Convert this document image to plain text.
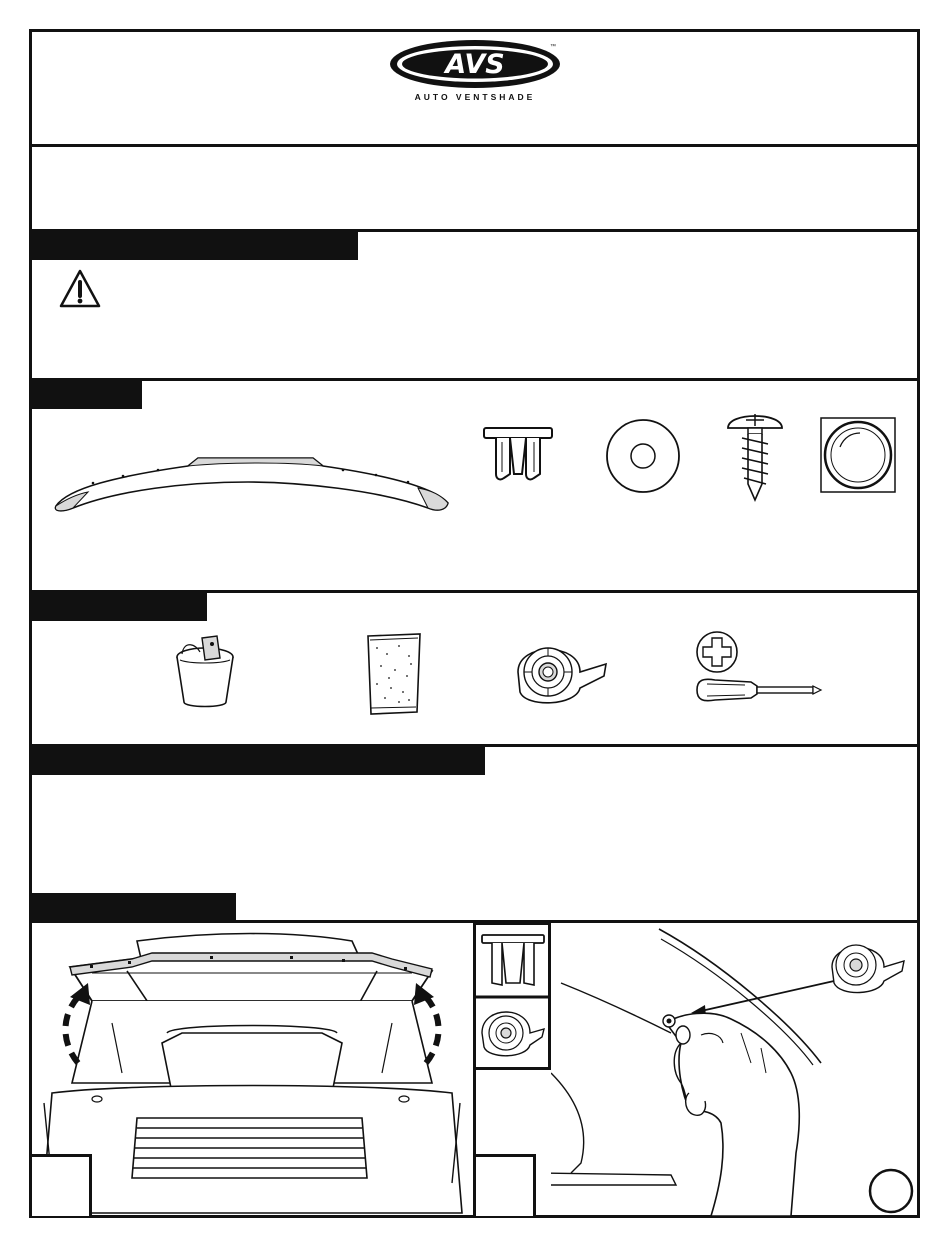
AVS
™
AUTO VENTSHADE
